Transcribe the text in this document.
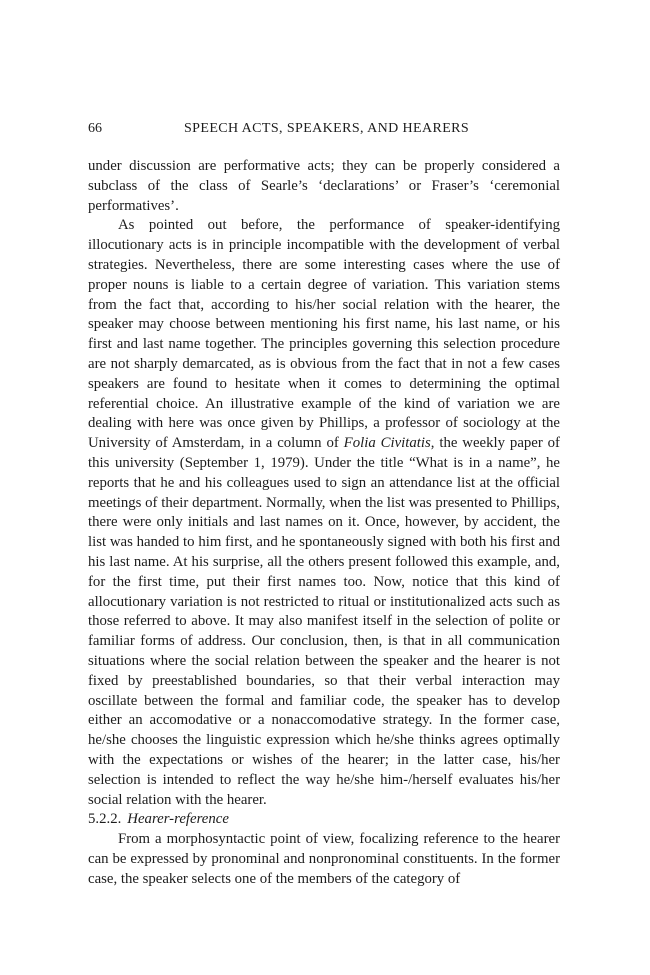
66	SPEECH ACTS, SPEAKERS, AND HEARERS

under discussion are performative acts; they can be properly considered a subclass of the class of Searle’s ‘declarations’ or Fraser’s ‘ceremonial performatives’.

As pointed out before, the performance of speaker-identifying illocutionary acts is in principle incompatible with the development of verbal strategies. Nevertheless, there are some interesting cases where the use of proper nouns is liable to a certain degree of variation. This variation stems from the fact that, according to his/her social relation with the hearer, the speaker may choose between mentioning his first name, his last name, or his first and last name together. The principles governing this selection procedure are not sharply demarcated, as is obvious from the fact that in not a few cases speakers are found to hesitate when it comes to determining the optimal referential choice. An illustrative example of the kind of variation we are dealing with here was once given by Phillips, a professor of sociology at the University of Amsterdam, in a column of Folia Civitatis, the weekly paper of this university (September 1, 1979). Under the title “What is in a name”, he reports that he and his colleagues used to sign an attendance list at the official meetings of their department. Normally, when the list was presented to Phillips, there were only initials and last names on it. Once, however, by accident, the list was handed to him first, and he spontaneously signed with both his first and his last name. At his surprise, all the others present followed this example, and, for the first time, put their first names too. Now, notice that this kind of allocutionary variation is not restricted to ritual or institutionalized acts such as those referred to above. It may also manifest itself in the selection of polite or familiar forms of address. Our conclusion, then, is that in all communication situations where the social relation between the speaker and the hearer is not fixed by preestablished boundaries, so that their verbal interaction may oscillate between the formal and familiar code, the speaker has to develop either an accomodative or a nonaccomodative strategy. In the former case, he/she chooses the linguistic expression which he/she thinks agrees optimally with the expectations or wishes of the hearer; in the latter case, his/her selection is intended to reflect the way he/she him-/herself evaluates his/her social relation with the hearer.

5.2.2. Hearer-reference

From a morphosyntactic point of view, focalizing reference to the hearer can be expressed by pronominal and nonpronominal constituents. In the former case, the speaker selects one of the members of the category of
